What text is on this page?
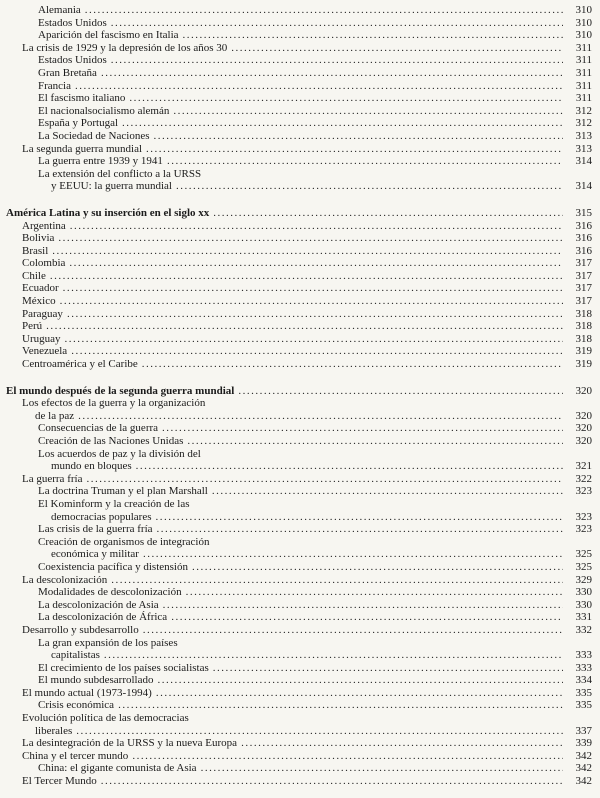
Alemania .....	310
Estados Unidos .....	310
Aparición del fascismo en Italia .....	310
La crisis de 1929 y la depresión de los años 30 .....	311
Estados Unidos .....	311
Gran Bretaña .....	311
Francia .....	311
El fascismo italiano .....	311
El nacionalsocialismo alemán .....	312
España y Portugal .....	312
La Sociedad de Naciones .....	313
La segunda guerra mundial .....	313
La guerra entre 1939 y 1941 .....	314
La extensión del conflicto a la URSS
y EEUU: la guerra mundial .....	314
América Latina y su inserción en el siglo xx .....	315
Argentina .....	316
Bolivia .....	316
Brasil .....	316
Colombia .....	317
Chile .....	317
Ecuador .....	317
México .....	317
Paraguay .....	318
Perú .....	318
Uruguay .....	318
Venezuela .....	319
Centroamérica y el Caribe .....	319
El mundo después de la segunda guerra mundial .....	320
Los efectos de la guerra y la organización
de la paz .....	320
Consecuencias de la guerra .....	320
Creación de las Naciones Unidas .....	320
Los acuerdos de paz y la división del
mundo en bloques .....	321
La guerra fría .....	322
La doctrina Truman y el plan Marshall .....	323
El Kominform y la creación de las
democracias populares .....	323
Las crisis de la guerra fría .....	323
Creación de organismos de integración
económica y militar .....	325
Coexistencia pacífica y distensión .....	325
La descolonización .....	329
Modalidades de descolonización .....	330
La descolonización de Asia .....	330
La descolonización de África .....	331
Desarrollo y subdesarrollo .....	332
La gran expansión de los países
capitalistas .....	333
El crecimiento de los países socialistas .....	333
El mundo subdesarrollado .....	334
El mundo actual (1973-1994) .....	335
Crisis económica .....	335
Evolución política de las democracias
liberales .....	337
La desintegración de la URSS y la nueva Europa .....	339
China y el tercer mundo .....	342
China: el gigante comunista de Asia .....	342
El Tercer Mundo .....	342
